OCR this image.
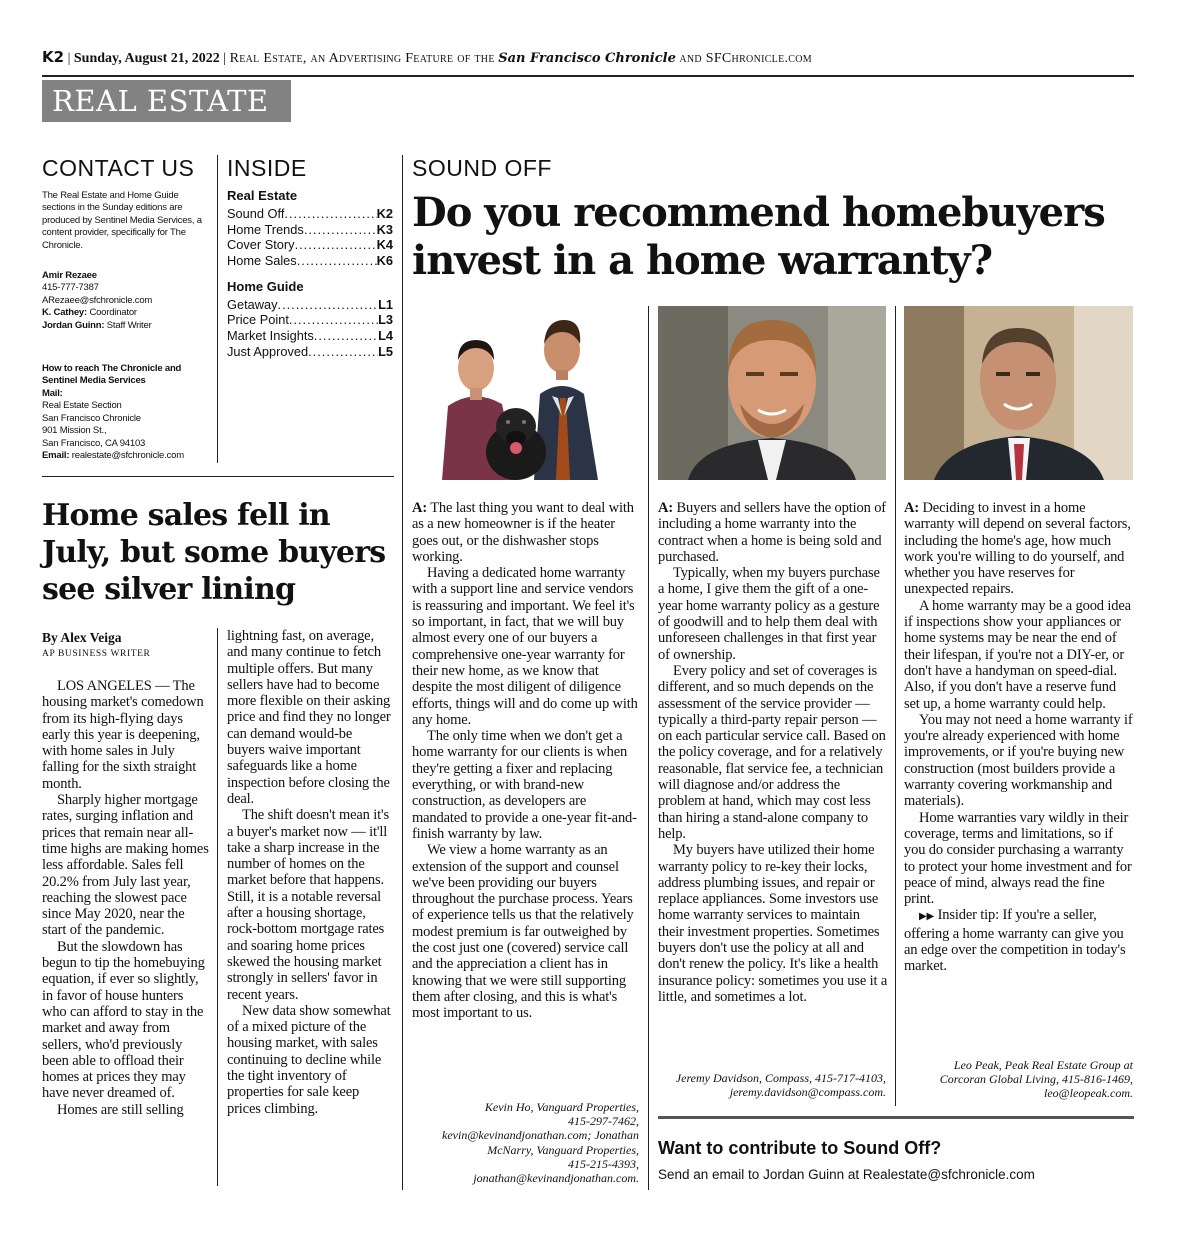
K2 | Sunday, August 21, 2022 | Real Estate, an Advertising Feature of the San Francisco Chronicle and SFChronicle.com
REAL ESTATE
CONTACT US
The Real Estate and Home Guide sections in the Sunday editions are produced by Sentinel Media Services, a content provider, specifically for The Chronicle.
Amir Rezaee
415-777-7387
ARezaee@sfchronicle.com
K. Cathey: Coordinator
Jordan Guinn: Staff Writer
How to reach The Chronicle and Sentinel Media Services
Mail:
Real Estate Section
San Francisco Chronicle
901 Mission St.,
San Francisco, CA 94103
Email: realestate@sfchronicle.com
INSIDE
Real Estate
Sound Off .....	K2
Home Trends .....	K3
Cover Story .....	K4
Home Sales .....	K6
Home Guide
Getaway .....	L1
Price Point .....	L3
Market Insights .....	L4
Just Approved .....	L5
SOUND OFF
Do you recommend homebuyers invest in a home warranty?

A: The last thing you want to deal with as a new homeowner is if the heater goes out, or the dishwasher stops working.

Having a dedicated home warranty with a support line and service vendors is reassuring and important. We feel it's so important, in fact, that we will buy almost every one of our buyers a comprehensive one-year warranty for their new home, as we know that despite the most diligent of diligence efforts, things will and do come up with any home.

The only time when we don't get a home warranty for our clients is when they're getting a fixer and replacing everything, or with brand-new construction, as developers are mandated to provide a one-year fit-and-finish warranty by law.

We view a home warranty as an extension of the support and counsel we've been providing our buyers throughout the purchase process. Years of experience tells us that the relatively modest premium is far outweighed by the cost just one (covered) service call and the appreciation a client has in knowing that we were still supporting them after closing, and this is what's most important to us.

Kevin Ho, Vanguard Properties,
415-297-7462,
kevin@kevinandjonathan.com; Jonathan
McNarry, Vanguard Properties,
415-215-4393,
jonathan@kevinandjonathan.com.

A: Buyers and sellers have the option of including a home warranty into the contract when a home is being sold and purchased.

Typically, when my buyers purchase a home, I give them the gift of a one-year home warranty policy as a gesture of goodwill and to help them deal with unforeseen challenges in that first year of ownership.

Every policy and set of coverages is different, and so much depends on the assessment of the service provider — typically a third-party repair person — on each particular service call. Based on the policy coverage, and for a relatively reasonable, flat service fee, a technician will diagnose and/or address the problem at hand, which may cost less than hiring a stand-alone company to help.

My buyers have utilized their home warranty policy to re-key their locks, address plumbing issues, and repair or replace appliances. Some investors use home warranty services to maintain their investment properties. Sometimes buyers don't use the policy at all and don't renew the policy. It's like a health insurance policy: sometimes you use it a little, and sometimes a lot.

Jeremy Davidson, Compass, 415-717-4103,
jeremy.davidson@compass.com.

A: Deciding to invest in a home warranty will depend on several factors, including the home's age, how much work you're willing to do yourself, and whether you have reserves for unexpected repairs.

A home warranty may be a good idea if inspections show your appliances or home systems may be near the end of their lifespan, if you're not a DIY-er, or don't have a handyman on speed-dial. Also, if you don't have a reserve fund set up, a home warranty could help.

You may not need a home warranty if you're already experienced with home improvements, or if you're buying new construction (most builders provide a warranty covering workmanship and materials).

Home warranties vary wildly in their coverage, terms and limitations, so if you do consider purchasing a warranty to protect your home investment and for peace of mind, always read the fine print.

▶▶ Insider tip: If you're a seller, offering a home warranty can give you an edge over the competition in today's market.

Leo Peak, Peak Real Estate Group at
Corcoran Global Living, 415-816-1469,
leo@leopeak.com.
Want to contribute to Sound Off?
Send an email to Jordan Guinn at Realestate@sfchronicle.com
Home sales fell in July, but some buyers see silver lining
By Alex Veiga
AP BUSINESS WRITER

LOS ANGELES — The housing market's comedown from its high-flying days early this year is deepening, with home sales in July falling for the sixth straight month.

Sharply higher mortgage rates, surging inflation and prices that remain near all-time highs are making homes less affordable. Sales fell 20.2% from July last year, reaching the slowest pace since May 2020, near the start of the pandemic.

But the slowdown has begun to tip the homebuying equation, if ever so slightly, in favor of house hunters who can afford to stay in the market and away from sellers, who'd previously been able to offload their homes at prices they may have never dreamed of.

Homes are still selling

lightning fast, on average, and many continue to fetch multiple offers. But many sellers have had to become more flexible on their asking price and find they no longer can demand would-be buyers waive important safeguards like a home inspection before closing the deal.

The shift doesn't mean it's a buyer's market now — it'll take a sharp increase in the number of homes on the market before that happens. Still, it is a notable reversal after a housing shortage, rock-bottom mortgage rates and soaring home prices skewed the housing market strongly in sellers' favor in recent years.

New data show somewhat of a mixed picture of the housing market, with sales continuing to decline while the tight inventory of properties for sale keep prices climbing.
